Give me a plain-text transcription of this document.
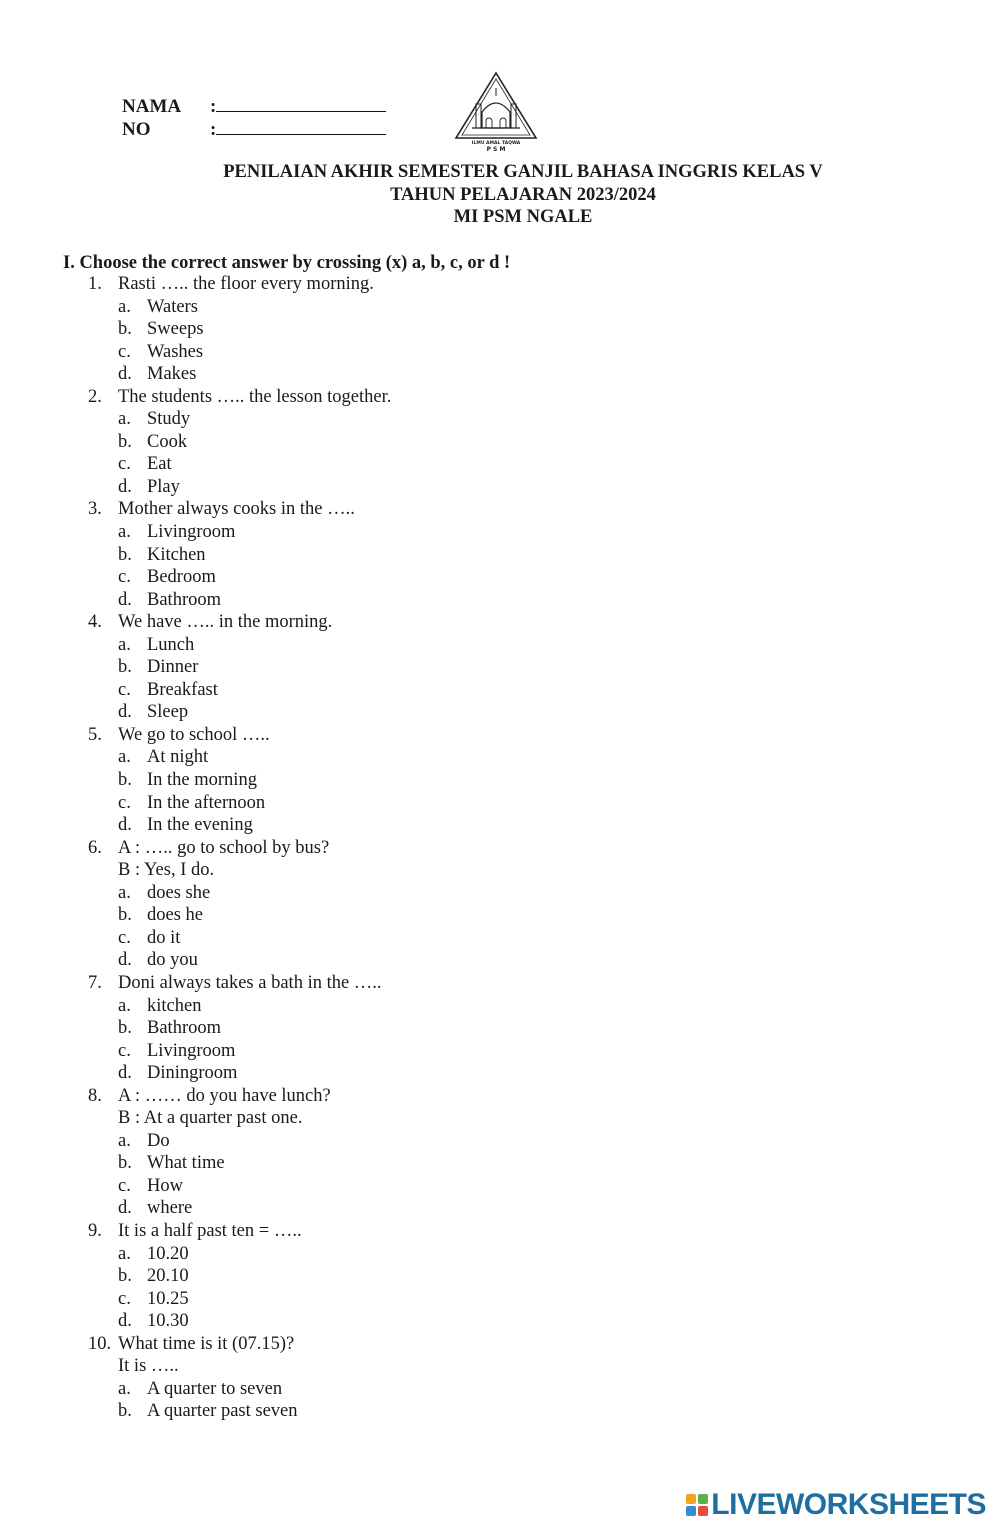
NAMA :
NO	:
ILMU AMAL TAQWA
P S M
PENILAIAN AKHIR SEMESTER GANJIL BAHASA INGGRIS KELAS V
TAHUN PELAJARAN 2023/2024
MI PSM NGALE
I. Choose the correct answer by crossing (x) a, b, c, or d !
1. Rasti ….. the floor every morning.
a. Waters
b. Sweeps
c. Washes
d. Makes
2. The students ….. the lesson together.
a. Study
b. Cook
c. Eat
d. Play
3. Mother always cooks in the …..
a. Livingroom
b. Kitchen
c. Bedroom
d. Bathroom
4. We have ….. in the morning.
a. Lunch
b. Dinner
c. Breakfast
d. Sleep
5. We go to school …..
a. At night
b. In the morning
c. In the afternoon
d. In the evening
6. A : ….. go to school by bus?
B : Yes, I do.
a. does she
b. does he
c. do it
d. do you
7. Doni always takes a bath in the …..
a. kitchen
b. Bathroom
c. Livingroom
d. Diningroom
8. A : …… do you have lunch?
B : At a quarter past one.
a. Do
b. What time
c. How
d. where
9. It is a half past ten = …..
a. 10.20
b. 20.10
c. 10.25
d. 10.30
10. What time is it (07.15)?
It is …..
a. A quarter to seven
b. A quarter past seven
LIVEWORKSHEETS
